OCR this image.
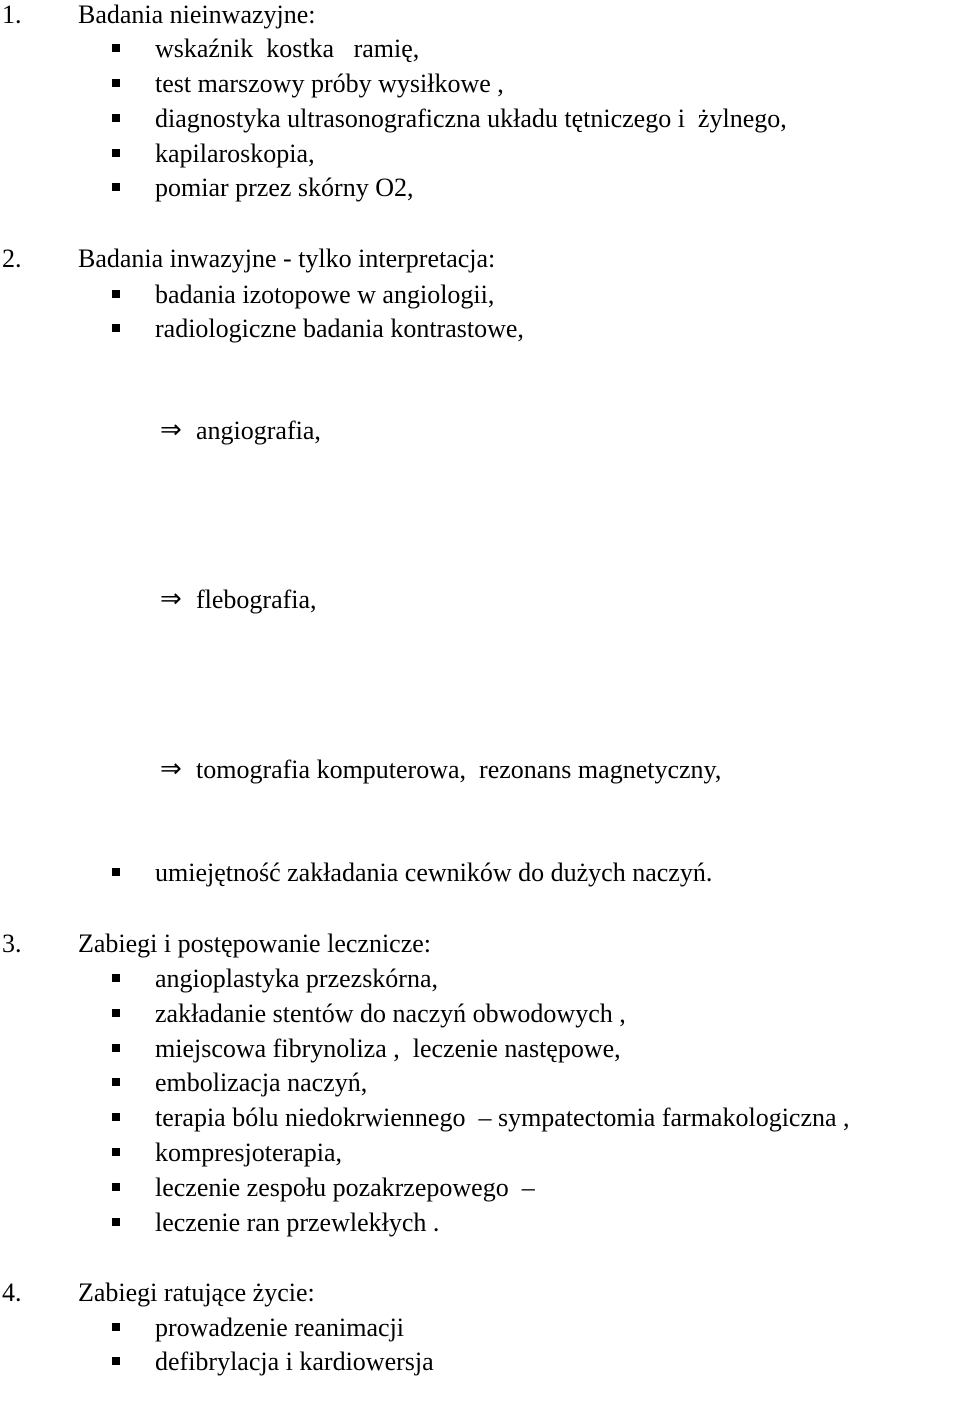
1.

Badania nieinwazyjne:

wskaźnik  kostka   ramię,

test marszowy próby wysiłkowe ,

diagnostyka ultrasonograficzna układu tętniczego i  żylnego,

kapilaroskopia,

pomiar przez skórny O2,

2.

Badania inwazyjne - tylko interpretacja:

badania izotopowe w angiologii,

radiologiczne badania kontrastowe,

⇒

angiografia,

⇒

flebografia,

⇒

tomografia komputerowa,  rezonans magnetyczny,

umiejętność zakładania cewników do dużych naczyń.

3.

Zabiegi i postępowanie lecznicze:

angioplastyka przezskórna,

zakładanie stentów do naczyń obwodowych ,

miejscowa fibrynoliza ,  leczenie następowe,

embolizacja naczyń,

terapia bólu niedokrwiennego  – sympatectomia farmakologiczna ,

kompresjoterapia,

leczenie zespołu pozakrzepowego  –

leczenie ran przewlekłych .

4.

Zabiegi ratujące życie:

prowadzenie reanimacji

defibrylacja i kardiowersja
